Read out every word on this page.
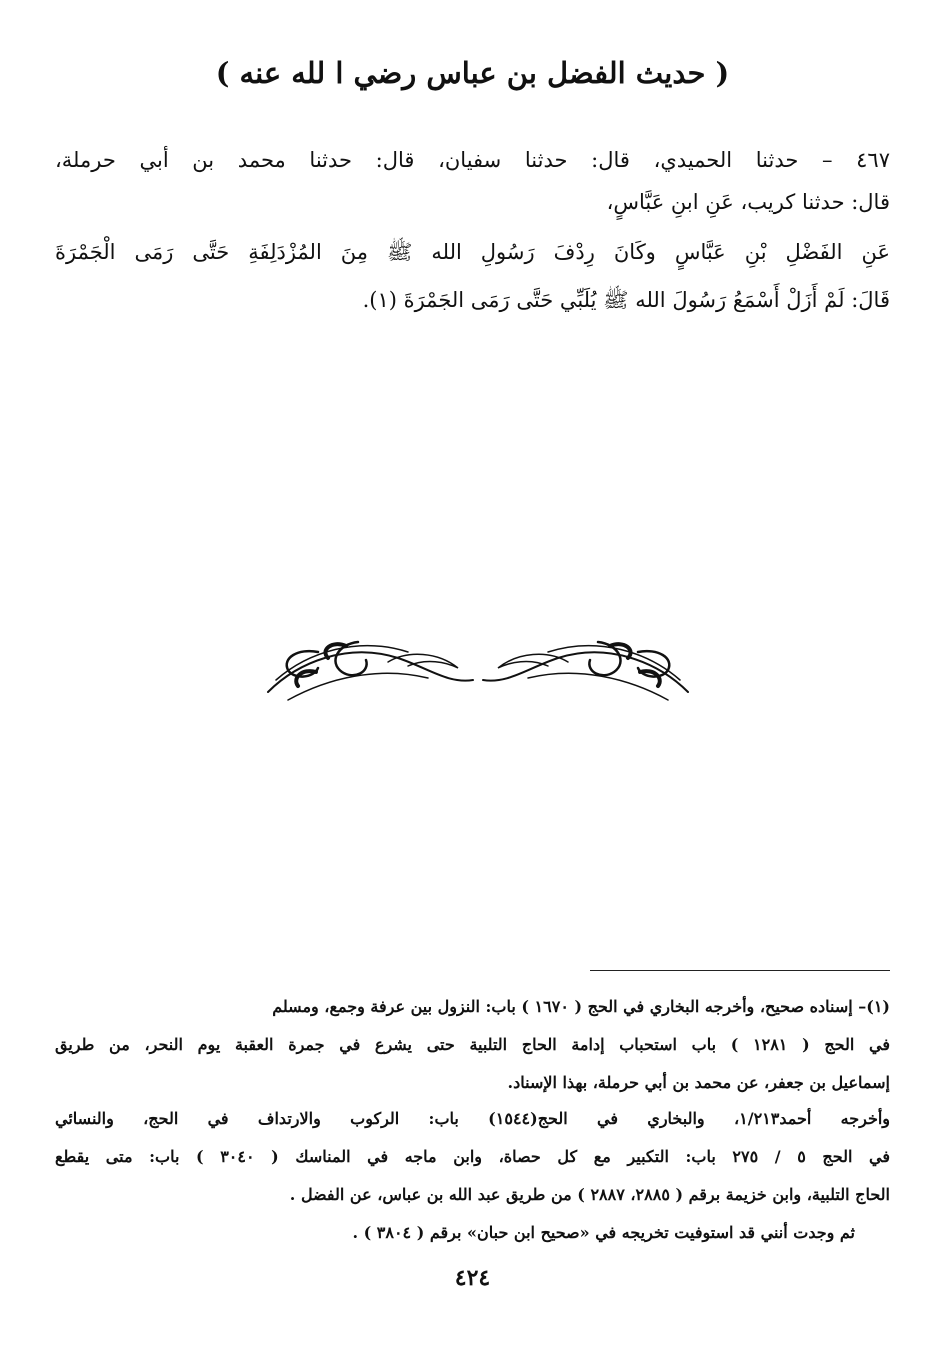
( حديث الفضل بن عباس رضي ا لله عنه )
٤٦٧ – حدثنا الحميدي، قال: حدثنا سفيان، قال: حدثنا محمد بن أبي حرملة،
قال: حدثنا كريب، عَنِ ابنِ عَبَّاسٍ،
عَنِ الفَضْلِ بْنِ عَبَّاسٍ وكَانَ رِدْفَ رَسُولِ الله ﷺ مِنَ المُزْدَلِفَةِ حَتَّى رَمَى الْجَمْرَةَ
قَالَ: لَمْ أَزَلْ أَسْمَعُ رَسُولَ الله ﷺ يُلَبِّي حَتَّى رَمَى الجَمْرَةَ (١).
(١)– إسناده صحيح، وأخرجه البخاري في الحج ( ١٦٧٠ ) باب: النزول بين عرفة وجمع، ومسلم
في الحج ( ١٢٨١ ) باب استحباب إدامة الحاج التلبية حتى يشرع في جمرة العقبة يوم النحر، من طريق
إسماعيل بن جعفر، عن محمد بن أبي حرملة، بهذا الإسناد.
وأخرجه أحمد١/٢١٣، والبخاري في الحج(١٥٤٤) باب: الركوب والارتداف في الحج، والنسائي
في الحج ٥ / ٢٧٥ باب: التكبير مع كل حصاة، وابن ماجه في المناسك ( ٣٠٤٠ ) باب: متى يقطع
الحاج التلبية، وابن خزيمة برقم ( ٢٨٨٥، ٢٨٨٧ ) من طريق عبد الله بن عباس، عن الفضل .
ثم وجدت أنني قد استوفيت تخريجه في «صحيح ابن حبان» برقم ( ٣٨٠٤ ) .
٤٢٤
